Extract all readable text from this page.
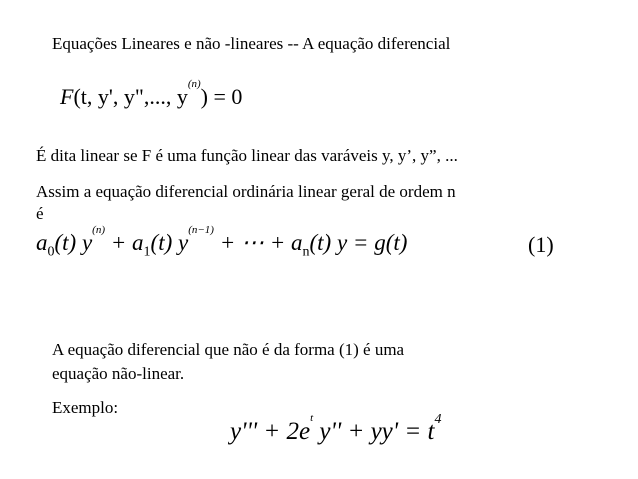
Equações Lineares e não -lineares -- A equação diferencial
F(t, y', y",..., $y^{(n)}) = 0$
É dita linear se F é uma função linear das varáveis y, y’, y”, ...
Assim a equação diferencial ordinária linear geral de ordem n
é
$a_0(t) y^{(n)} + a_1(t) y^{(n-1)}$ + ⋯ + $a_n(t) y = g(t)$	(1)
A equação diferencial que não é da forma (1) é uma
equação não-linear.
Exemplo:
$y''' + 2e^t$ $y'' + yy' = t^4$
